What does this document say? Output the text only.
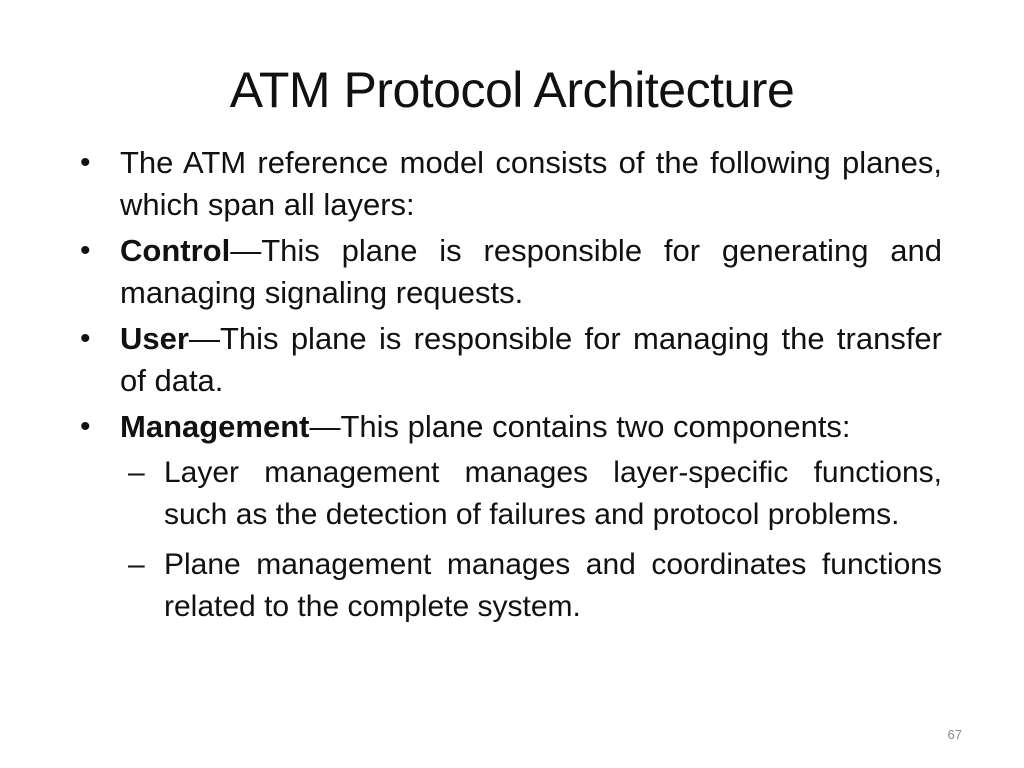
ATM Protocol Architecture
• The ATM reference model consists of the following planes, which span all layers:
• Control—This plane is responsible for generating and managing signaling requests.
• User—This plane is responsible for managing the transfer of data.
• Management—This plane contains two components:
– Layer management manages layer-specific functions, such as the detection of failures and protocol problems.
– Plane management manages and coordinates functions related to the complete system.
67
